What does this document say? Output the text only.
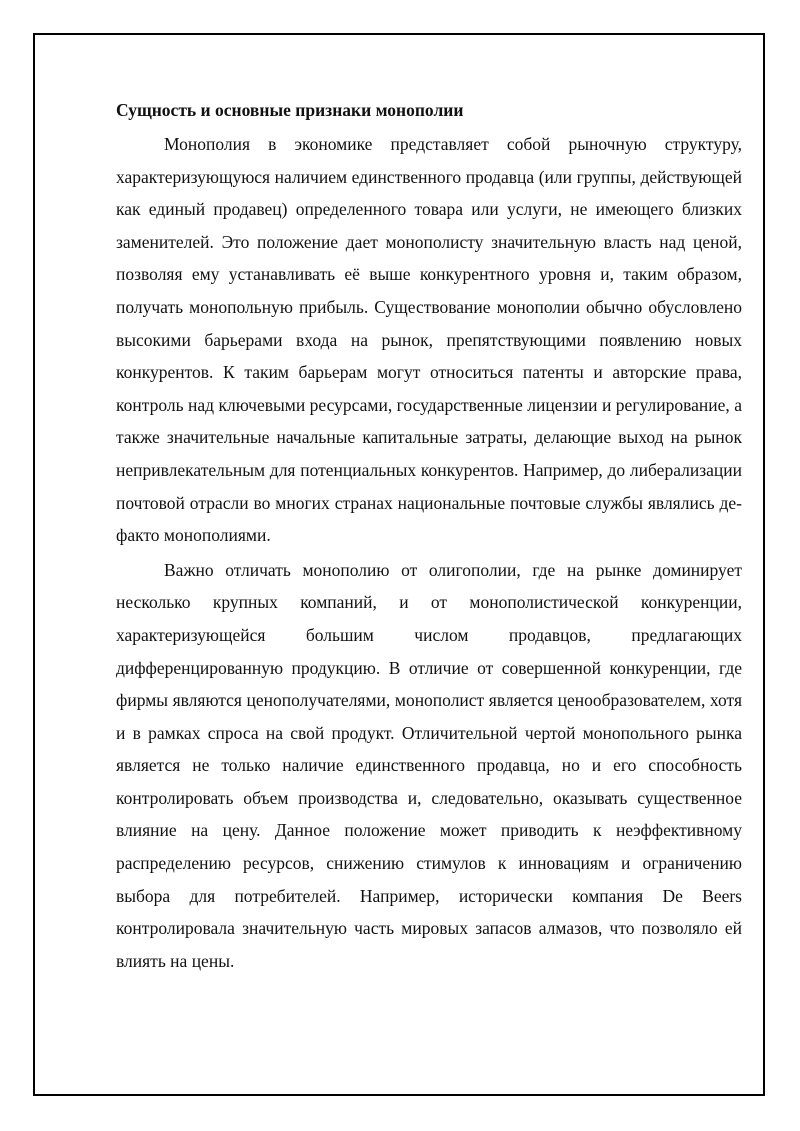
Сущность и основные признаки монополии

Монополия в экономике представляет собой рыночную структуру, характеризующуюся наличием единственного продавца (или группы, действующей как единый продавец) определенного товара или услуги, не имеющего близких заменителей. Это положение дает монополисту значительную власть над ценой, позволяя ему устанавливать её выше конкурентного уровня и, таким образом, получать монопольную прибыль. Существование монополии обычно обусловлено высокими барьерами входа на рынок, препятствующими появлению новых конкурентов. К таким барьерам могут относиться патенты и авторские права, контроль над ключевыми ресурсами, государственные лицензии и регулирование, а также значительные начальные капитальные затраты, делающие выход на рынок непривлекательным для потенциальных конкурентов. Например, до либерализации почтовой отрасли во многих странах национальные почтовые службы являлись де-факто монополиями.

Важно отличать монополию от олигополии, где на рынке доминирует несколько крупных компаний, и от монополистической конкуренции, характеризующейся большим числом продавцов, предлагающих дифференцированную продукцию. В отличие от совершенной конкуренции, где фирмы являются ценополучателями, монополист является ценообразователем, хотя и в рамках спроса на свой продукт. Отличительной чертой монопольного рынка является не только наличие единственного продавца, но и его способность контролировать объем производства и, следовательно, оказывать существенное влияние на цену. Данное положение может приводить к неэффективному распределению ресурсов, снижению стимулов к инновациям и ограничению выбора для потребителей. Например, исторически компания De Beers контролировала значительную часть мировых запасов алмазов, что позволяло ей влиять на цены.
